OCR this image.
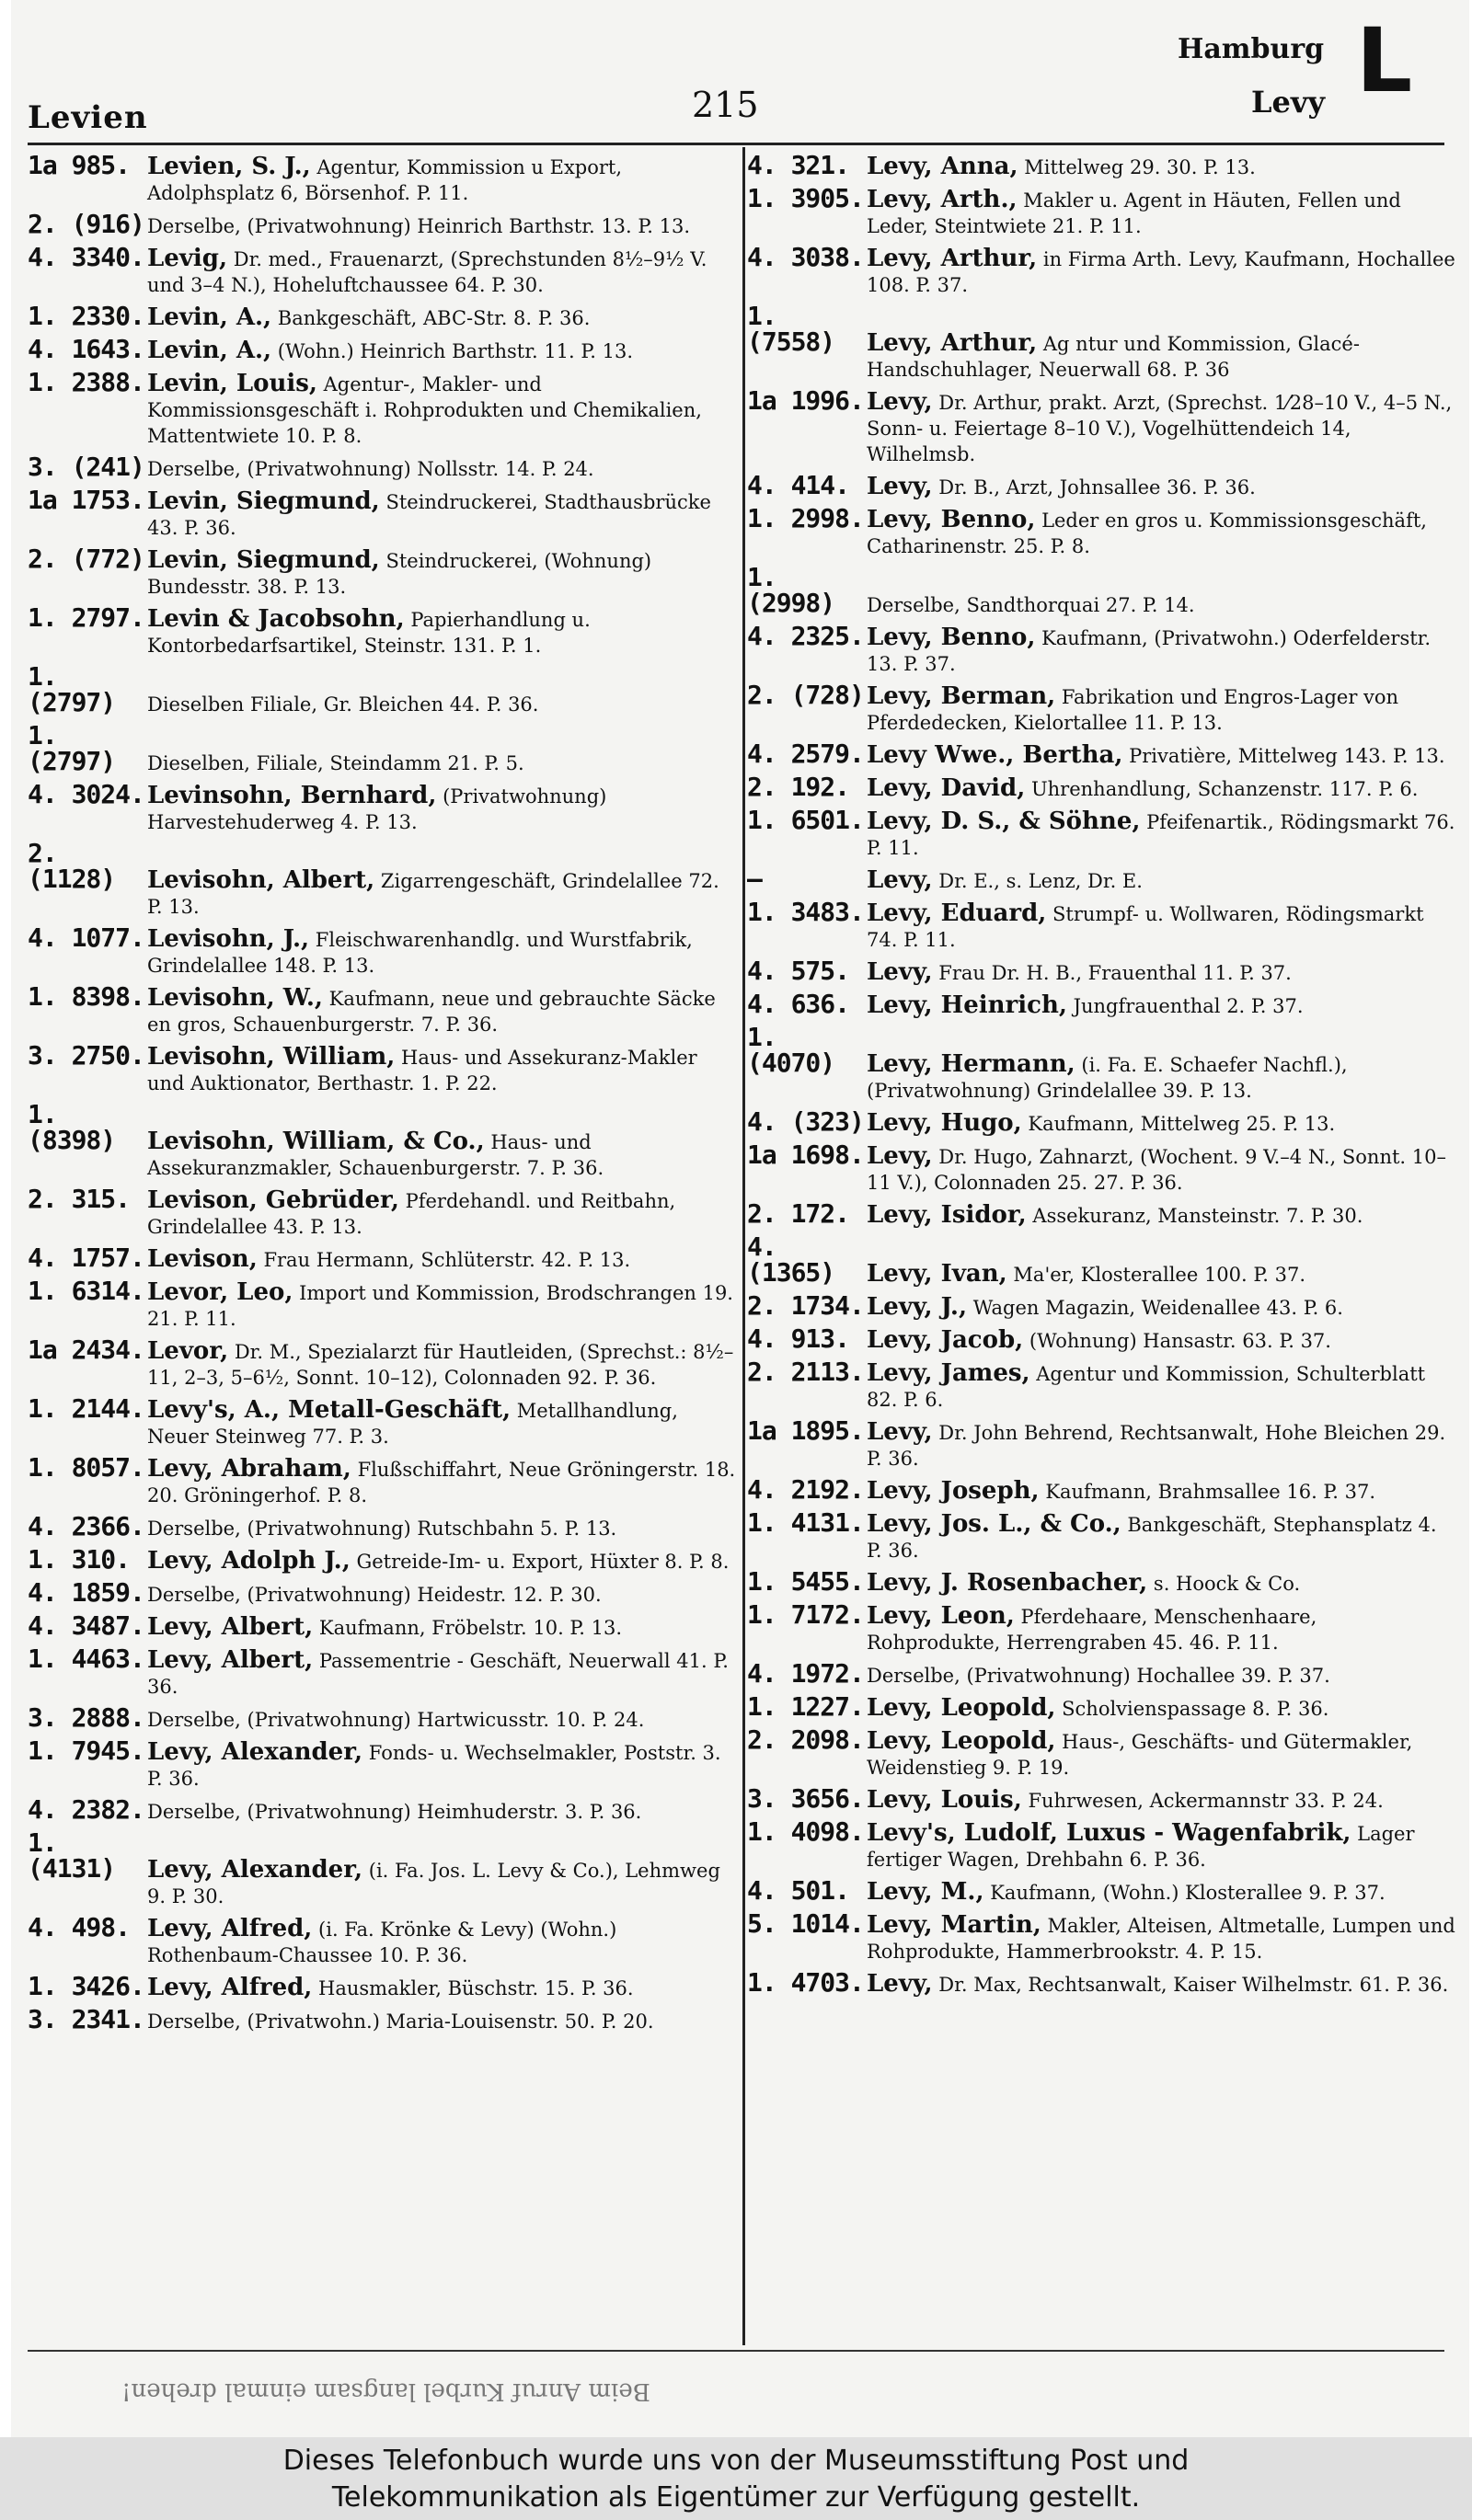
Levien	215
Hamburg
Levy L
1a 985. Levien, S. J., Agentur, Kommission u Export, Adolphsplatz 6, Börsenhof. P. 11.
2. (916) Derselbe, (Privatwohnung) Heinrich Barthstr. 13. P. 13.
4. 3340. Levig, Dr. med., Frauenarzt, (Sprechstunden 8½–9½ V. und 3–4 N.), Hoheluftchaussee 64. P. 30.
1. 2330. Levin, A., Bankgeschäft, ABC-Str. 8. P. 36.
4. 1643. Levin, A., (Wohn.) Heinrich Barthstr. 11. P. 13.
1. 2388. Levin, Louis, Agentur-, Makler- und Kommissionsgeschäft i. Rohprodukten und Chemikalien, Mattentwiete 10. P. 8.
3. (241) Derselbe, (Privatwohnung) Nollsstr. 14. P. 24.
1a 1753. Levin, Siegmund, Steindruckerei, Stadthausbrücke 43. P. 36.
2. (772) Levin, Siegmund, Steindruckerei, (Wohnung) Bundesstr. 38. P. 13.
1. 2797. Levin & Jacobsohn, Papierhandlung u. Kontorbedarfsartikel, Steinstr. 131. P. 1.
1. (2797) Dieselben Filiale, Gr. Bleichen 44. P. 36.
1. (2797) Dieselben, Filiale, Steindamm 21. P. 5.
4. 3024. Levinsohn, Bernhard, (Privatwohnung) Harvestehuderweg 4. P. 13.
2. (1128) Levisohn, Albert, Zigarrengeschäft, Grindelallee 72. P. 13.
4. 1077. Levisohn, J., Fleischwarenhandlg. und Wurstfabrik, Grindelallee 148. P. 13.
1. 8398. Levisohn, W., Kaufmann, neue und gebrauchte Säcke en gros, Schauenburgerstr. 7. P. 36.
3. 2750. Levisohn, William, Haus- und Assekuranz-Makler und Auktionator, Berthastr. 1. P. 22.
1. (8398) Levisohn, William, & Co., Haus- und Assekuranzmakler, Schauenburgerstr. 7. P. 36.
2. 315. Levison, Gebrüder, Pferdehandl. und Reitbahn, Grindelallee 43. P. 13.
4. 1757. Levison, Frau Hermann, Schlüterstr. 42. P. 13.
1. 6314. Levor, Leo, Import und Kommission, Brodschrangen 19. 21. P. 11.
1a 2434. Levor, Dr. M., Spezialarzt für Hautleiden, (Sprechst.: 8½–11, 2–3, 5–6½, Sonnt. 10–12), Colonnaden 92. P. 36.
1. 2144. Levy's, A., Metall-Geschäft, Metallhandlung, Neuer Steinweg 77. P. 3.
1. 8057. Levy, Abraham, Flußschiffahrt, Neue Gröningerstr. 18. 20. Gröningerhof. P. 8.
4. 2366. Derselbe, (Privatwohnung) Rutschbahn 5. P. 13.
1. 310. Levy, Adolph J., Getreide-Im- u. Export, Hüxter 8. P. 8.
4. 1859. Derselbe, (Privatwohnung) Heidestr. 12. P. 30.
4. 3487. Levy, Albert, Kaufmann, Fröbelstr. 10. P. 13.
1. 4463. Levy, Albert, Passementrie - Geschäft, Neuerwall 41. P. 36.
3. 2888. Derselbe, (Privatwohnung) Hartwicusstr. 10. P. 24.
1. 7945. Levy, Alexander, Fonds- u. Wechselmakler, Poststr. 3. P. 36.
4. 2382. Derselbe, (Privatwohnung) Heimhuderstr. 3. P. 36.
1. (4131) Levy, Alexander, (i. Fa. Jos. L. Levy & Co.), Lehmweg 9. P. 30.
4. 498. Levy, Alfred, (i. Fa. Krönke & Levy) (Wohn.) Rothenbaum-Chaussee 10. P. 36.
1. 3426. Levy, Alfred, Hausmakler, Büschstr. 15. P. 36.
3. 2341. Derselbe, (Privatwohn.) Maria-Louisenstr. 50. P. 20.
4. 321. Levy, Anna, Mittelweg 29. 30. P. 13.
1. 3905. Levy, Arth., Makler u. Agent in Häuten, Fellen und Leder, Steintwiete 21. P. 11.
4. 3038. Levy, Arthur, in Firma Arth. Levy, Kaufmann, Hochallee 108. P. 37.
1. (7558) Levy, Arthur, Ag ntur und Kommission, Glacé-Handschuhlager, Neuerwall 68. P. 36
1a 1996. Levy, Dr. Arthur, prakt. Arzt, (Sprechst. 1⁄28–10 V., 4–5 N., Sonn- u. Feiertage 8–10 V.), Vogelhüttendeich 14, Wilhelmsb.
4. 414. Levy, Dr. B., Arzt, Johnsallee 36. P. 36.
1. 2998. Levy, Benno, Leder en gros u. Kommissionsgeschäft, Catharinenstr. 25. P. 8.
1. (2998) Derselbe, Sandthorquai 27. P. 14.
4. 2325. Levy, Benno, Kaufmann, (Privatwohn.) Oderfelderstr. 13. P. 37.
2. (728) Levy, Berman, Fabrikation und Engros-Lager von Pferdedecken, Kielortallee 11. P. 13.
4. 2579. Levy Wwe., Bertha, Privatière, Mittelweg 143. P. 13.
2. 192. Levy, David, Uhrenhandlung, Schanzenstr. 117. P. 6.
1. 6501. Levy, D. S., & Söhne, Pfeifenartik., Rödingsmarkt 76. P. 11.
—	Levy, Dr. E., s. Lenz, Dr. E.
1. 3483. Levy, Eduard, Strumpf- u. Wollwaren, Rödingsmarkt 74. P. 11.
4. 575. Levy, Frau Dr. H. B., Frauenthal 11. P. 37.
4. 636. Levy, Heinrich, Jungfrauenthal 2. P. 37.
1. (4070) Levy, Hermann, (i. Fa. E. Schaefer Nachfl.), (Privatwohnung) Grindelallee 39. P. 13.
4. (323) Levy, Hugo, Kaufmann, Mittelweg 25. P. 13.
1a 1698. Levy, Dr. Hugo, Zahnarzt, (Wochent. 9 V.–4 N., Sonnt. 10–11 V.), Colonnaden 25. 27. P. 36.
2. 172. Levy, Isidor, Assekuranz, Mansteinstr. 7. P. 30.
4. (1365) Levy, Ivan, Ma'er, Klosterallee 100. P. 37.
2. 1734. Levy, J., Wagen Magazin, Weidenallee 43. P. 6.
4. 913. Levy, Jacob, (Wohnung) Hansastr. 63. P. 37.
2. 2113. Levy, James, Agentur und Kommission, Schulterblatt 82. P. 6.
1a 1895. Levy, Dr. John Behrend, Rechtsanwalt, Hohe Bleichen 29. P. 36.
4. 2192. Levy, Joseph, Kaufmann, Brahmsallee 16. P. 37.
1. 4131. Levy, Jos. L., & Co., Bankgeschäft, Stephansplatz 4. P. 36.
1. 5455. Levy, J. Rosenbacher, s. Hoock & Co.
1. 7172. Levy, Leon, Pferdehaare, Menschenhaare, Rohprodukte, Herrengraben 45. 46. P. 11.
4. 1972. Derselbe, (Privatwohnung) Hochallee 39. P. 37.
1. 1227. Levy, Leopold, Scholvienspassage 8. P. 36.
2. 2098. Levy, Leopold, Haus-, Geschäfts- und Gütermakler, Weidenstieg 9. P. 19.
3. 3656. Levy, Louis, Fuhrwesen, Ackermannstr 33. P. 24.
1. 4098. Levy's, Ludolf, Luxus - Wagenfabrik, Lager fertiger Wagen, Drehbahn 6. P. 36.
4. 501. Levy, M., Kaufmann, (Wohn.) Klosterallee 9. P. 37.
5. 1014. Levy, Martin, Makler, Alteisen, Altmetalle, Lumpen und Rohprodukte, Hammerbrookstr. 4. P. 15.
1. 4703. Levy, Dr. Max, Rechtsanwalt, Kaiser Wilhelmstr. 61. P. 36.
Beim Anruf Kurbel langsam einmal drehen!
Dieses Telefonbuch wurde uns von der Museumsstiftung Post und
Telekommunikation als Eigentümer zur Verfügung gestellt.
